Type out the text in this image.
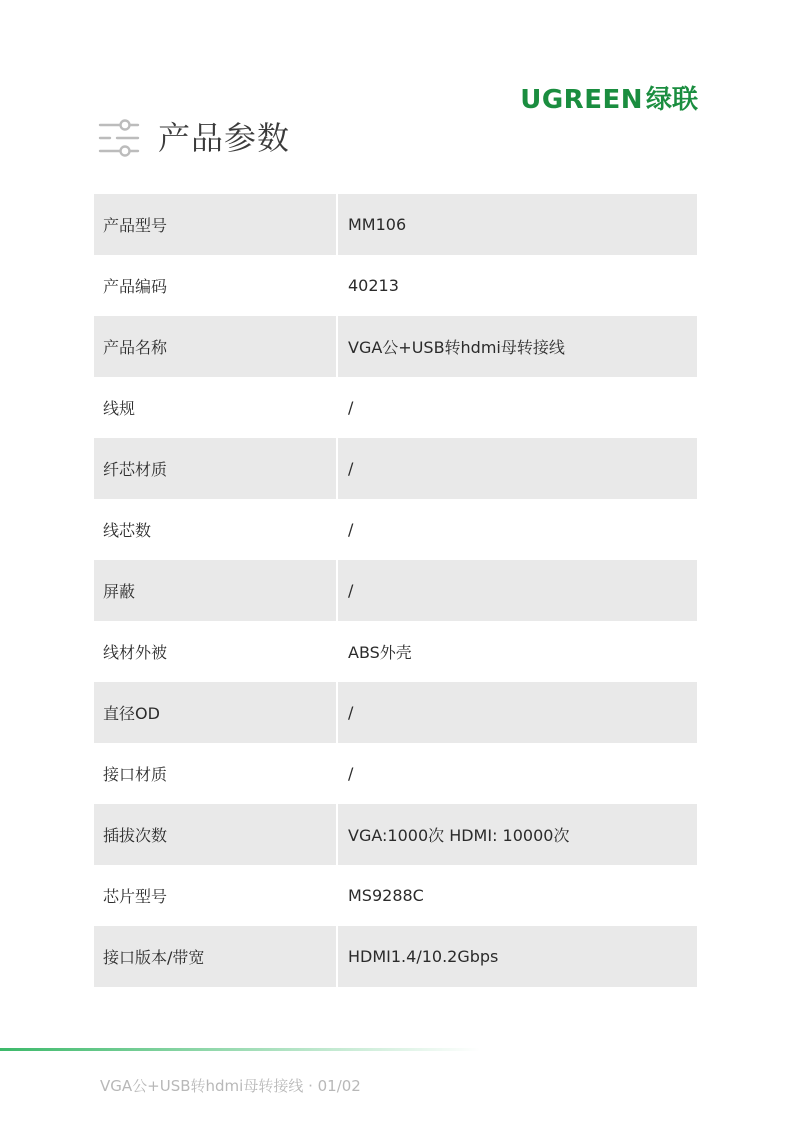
UGREEN 绿联
产品参数
产品型号	MM106
产品编码	40213
产品名称	VGA公+USB转hdmi母转接线
线规	/
纤芯材质	/
线芯数	/
屏蔽	/
线材外被	ABS外壳
直径OD	/
接口材质	/
插拔次数	VGA:1000次 HDMI: 10000次
芯片型号	MS9288C
接口版本/带宽	HDMI1.4/10.2Gbps
VGA公+USB转hdmi母转接线 · 01/02
